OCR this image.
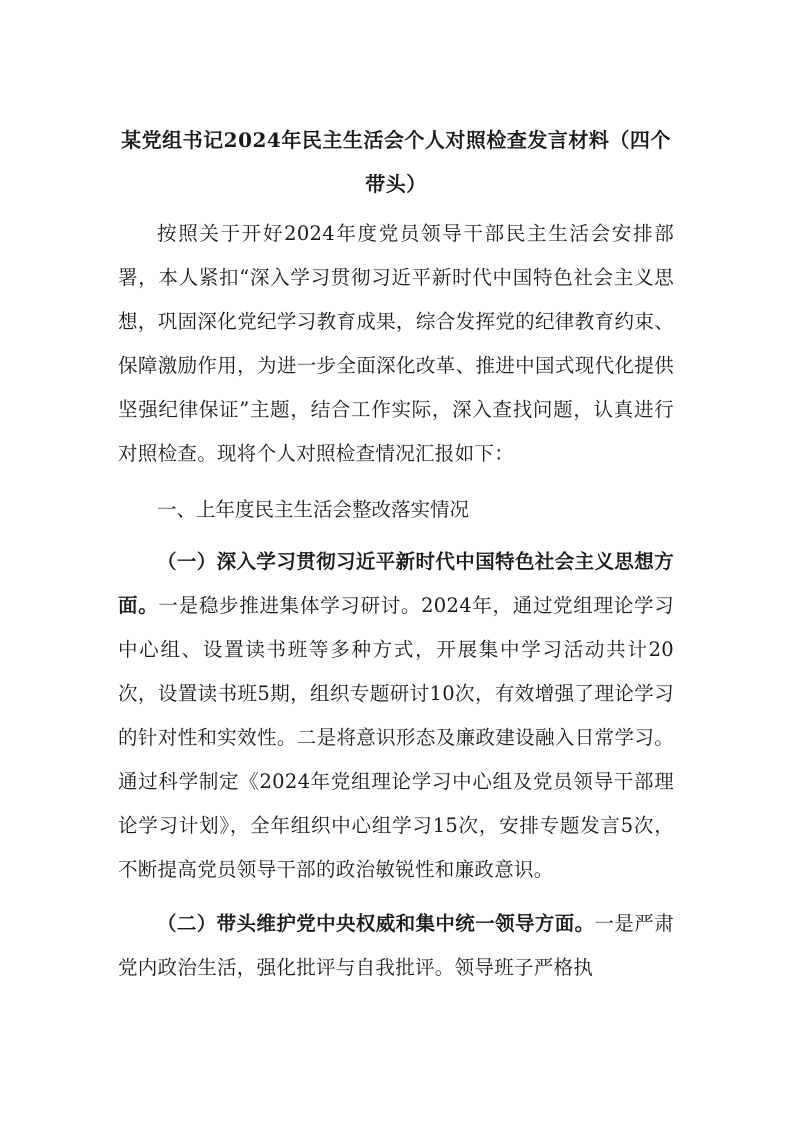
某党组书记2024年民主生活会个人对照检查发言材料（四个带头）

按照关于开好2024年度党员领导干部民主生活会安排部署，本人紧扣“深入学习贯彻习近平新时代中国特色社会主义思想，巩固深化党纪学习教育成果，综合发挥党的纪律教育约束、保障激励作用，为进一步全面深化改革、推进中国式现代化提供坚强纪律保证”主题，结合工作实际，深入查找问题，认真进行对照检查。现将个人对照检查情况汇报如下：

一、上年度民主生活会整改落实情况

（一）深入学习贯彻习近平新时代中国特色社会主义思想方面。一是稳步推进集体学习研讨。2024年，通过党组理论学习中心组、设置读书班等多种方式，开展集中学习活动共计20次，设置读书班5期，组织专题研讨10次，有效增强了理论学习的针对性和实效性。二是将意识形态及廉政建设融入日常学习。通过科学制定《2024年党组理论学习中心组及党员领导干部理论学习计划》，全年组织中心组学习15次，安排专题发言5次，不断提高党员领导干部的政治敏锐性和廉政意识。

（二）带头维护党中央权威和集中统一领导方面。一是严肃党内政治生活，强化批评与自我批评。领导班子严格执
